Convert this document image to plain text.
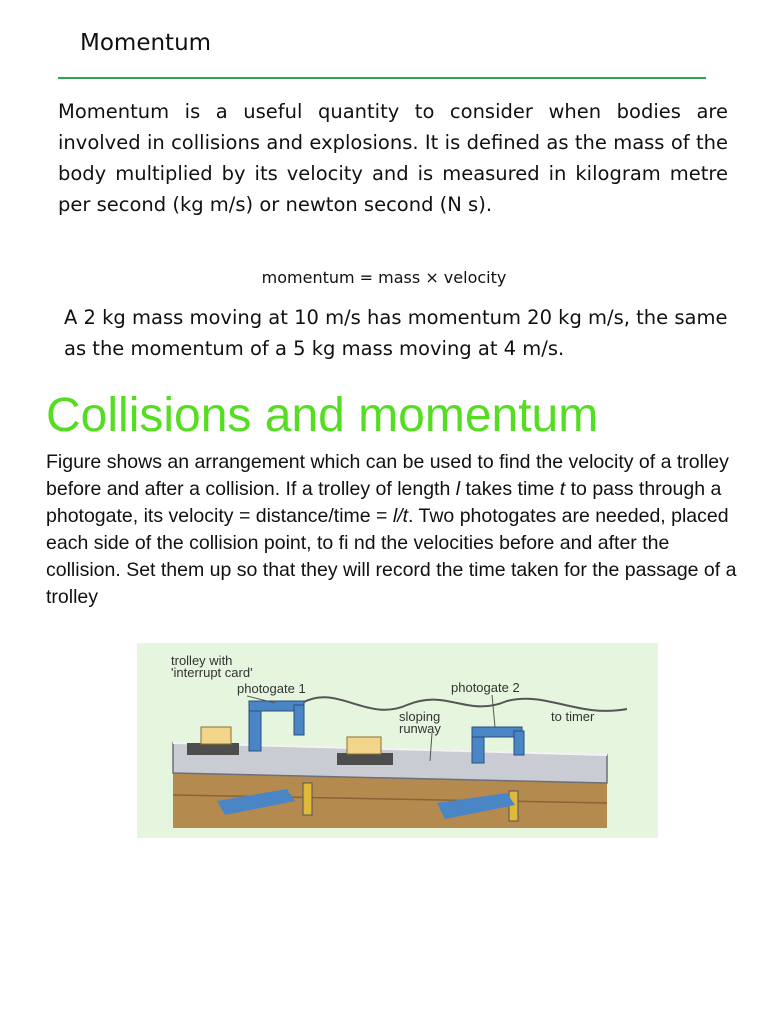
Momentum
Momentum is a useful quantity to consider when bodies are involved in collisions and explosions. It is defined as the mass of the body multiplied by its velocity and is measured in kilogram metre per second (kg m/s) or newton second (N s).
momentum = mass × velocity
A 2 kg mass moving at 10 m/s has momentum 20 kg m/s, the same as the momentum of a 5 kg mass moving at 4 m/s.
Collisions and momentum
Figure shows an arrangement which can be used to find the velocity of a trolley before and after a collision. If a trolley of length l takes time t to pass through a photogate, its velocity = distance/time = l/t. Two photogates are needed, placed each side of the collision point, to fi nd the velocities before and after the collision. Set them up so that they will record the time taken for the passage of a trolley
trolley with
'interrupt card'
photogate 1	photogate 2
sloping
runway
to timer
